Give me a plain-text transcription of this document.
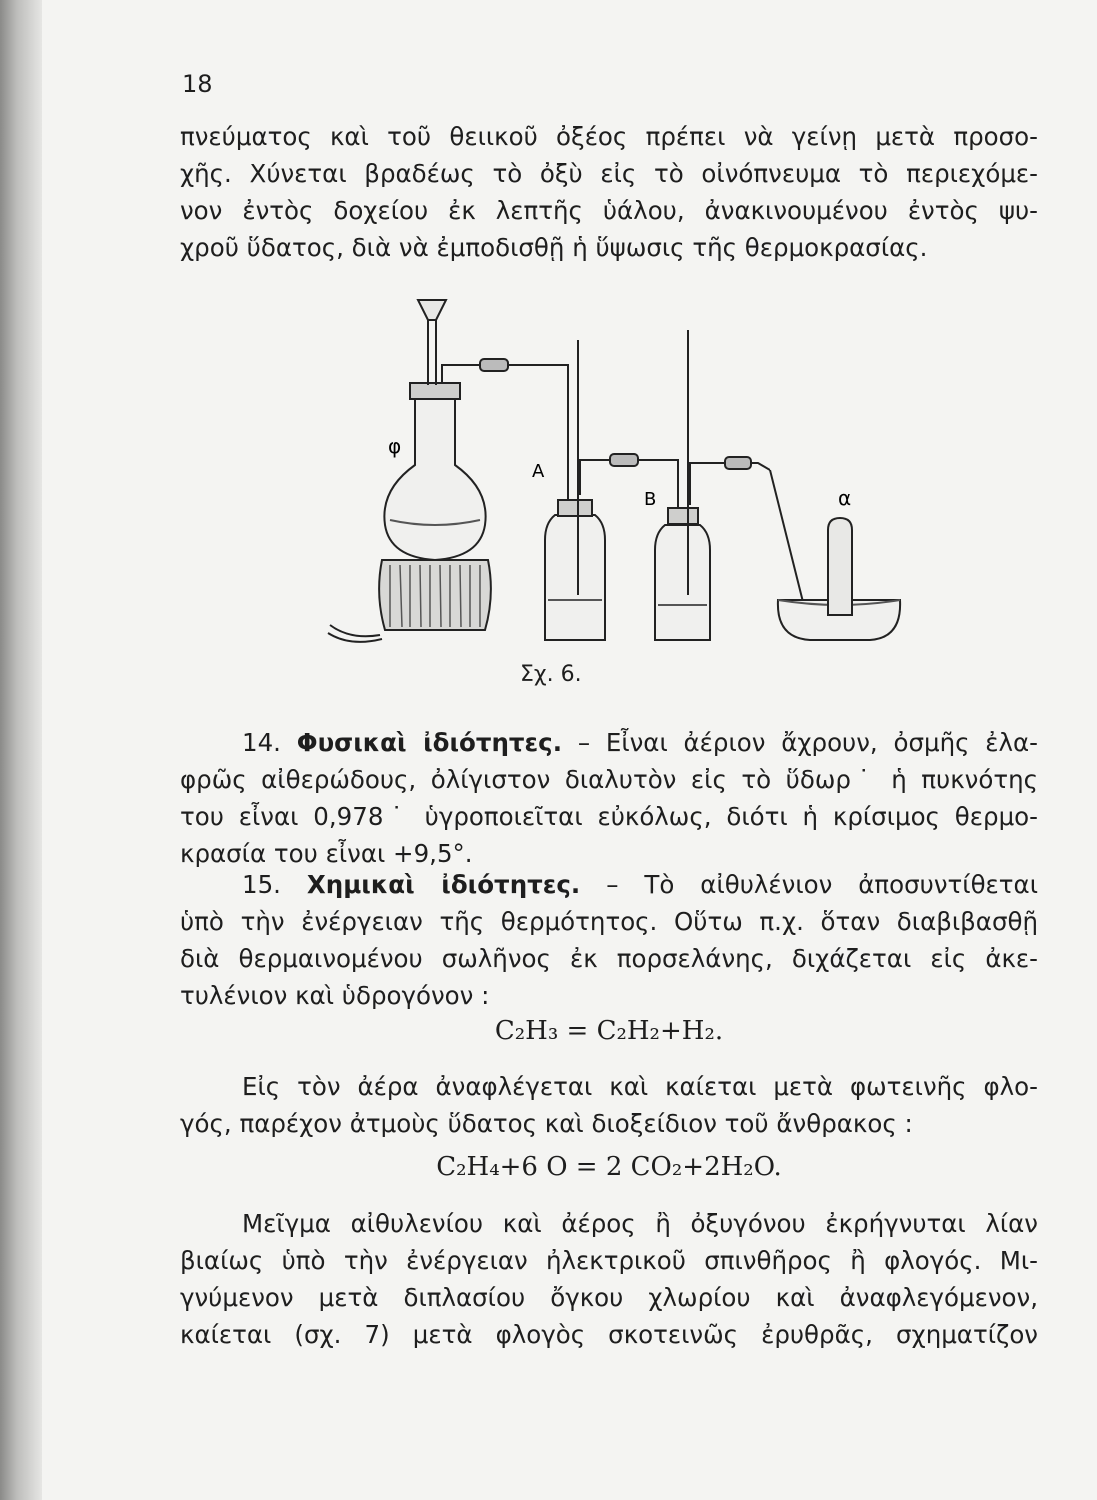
18

πνεύματος καὶ τοῦ θειικοῦ ὀξέος πρέπει νὰ γείνῃ μετὰ προσο-
χῆς. Χύνεται βραδέως τὸ ὀξὺ εἰς τὸ οἰνόπνευμα τὸ περιεχόμε-
νον ἐντὸς δοχείου ἐκ λεπτῆς ὑάλου, ἀνακινουμένου ἐντὸς ψυ-
χροῦ ὕδατος, διὰ νὰ ἐμποδισθῇ ἡ ὕψωσις τῆς θερμοκρασίας.

φ
A
B	α
Σχ. 6.

14. Φυσικαὶ ἰδιότητες. – Εἶναι ἀέριον ἄχρουν, ὀσμῆς ἐλα-
φρῶς αἰθερώδους, ὀλίγιστον διαλυτὸν εἰς τὸ ὕδωρ˙ ἡ πυκνότης
του εἶναι 0,978˙ ὑγροποιεῖται εὐκόλως, διότι ἡ κρίσιμος θερμο-
κρασία του εἶναι +9,5°.

15. Χημικαὶ ἰδιότητες. – Τὸ αἰθυλένιον ἀποσυντίθεται
ὑπὸ τὴν ἐνέργειαν τῆς θερμότητος. Οὕτω π.χ. ὅταν διαβιβασθῇ
διὰ θερμαινομένου σωλῆνος ἐκ πορσελάνης, διχάζεται εἰς ἀκε-
τυλένιον καὶ ὑδρογόνον :

C₂H₃ = C₂H₂+H₂.

Εἰς τὸν ἀέρα ἀναφλέγεται καὶ καίεται μετὰ φωτεινῆς φλο-
γός, παρέχον ἀτμοὺς ὕδατος καὶ διοξείδιον τοῦ ἄνθρακος :

C₂H₄+6 O = 2 CO₂+2H₂O.

Μεῖγμα αἰθυλενίου καὶ ἀέρος ἢ ὀξυγόνου ἐκρήγνυται λίαν
βιαίως ὑπὸ τὴν ἐνέργειαν ἠλεκτρικοῦ σπινθῆρος ἢ φλογός. Μι-
γνύμενον μετὰ διπλασίου ὄγκου χλωρίου καὶ ἀναφλεγόμενον,
καίεται (σχ. 7) μετὰ φλογὸς σκοτεινῶς ἐρυθρᾶς, σχηματίζον
